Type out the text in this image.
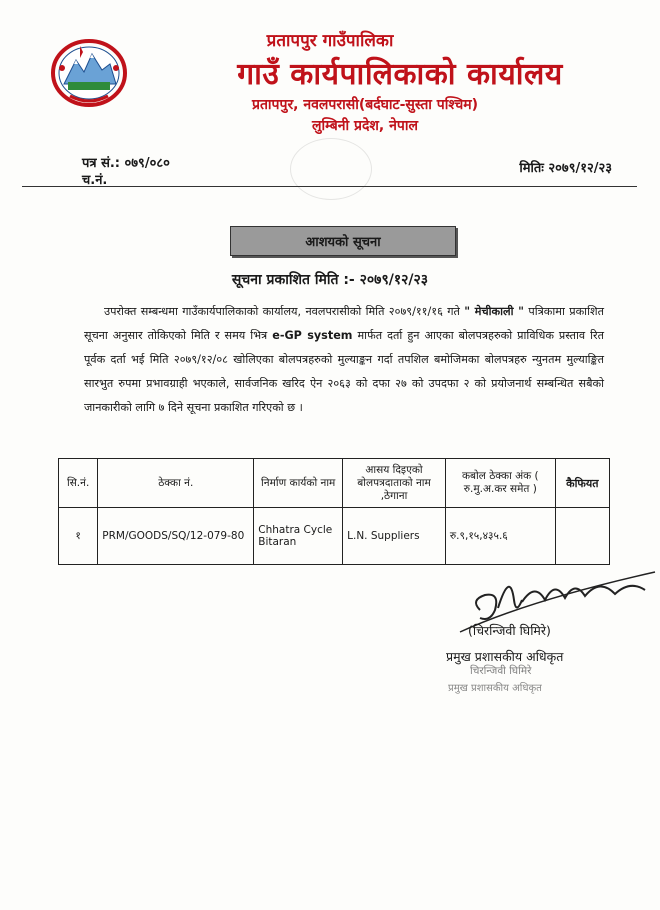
प्रतापपुर गाउँपालिका
गाउँ कार्यपालिकाको कार्यालय
प्रतापपुर, नवलपरासी(बर्दघाट-सुस्ता पश्चिम)
लुम्बिनी प्रदेश, नेपाल
पत्र सं.: ०७९/०८०
च.नं.
मितिः २०७९/१२/२३
आशयको सूचना
सूचना प्रकाशित मिति :- २०७९/१२/२३
उपरोक्त सम्बन्धमा गाउँकार्यपालिकाको कार्यालय, नवलपरासीको मिति २०७९/११/१६ गते " मेचीकाली " पत्रिकामा प्रकाशित सूचना अनुसार तोकिएको मिति र समय भित्र e-GP system मार्फत दर्ता हुन आएका बोलपत्रहरुको प्राविधिक प्रस्ताव रित पूर्वक दर्ता भई मिति २०७९/१२/०८ खोलिएका बोलपत्रहरुको मुल्याङ्कन गर्दा तपशिल बमोजिमका बोलपत्रहरु न्युनतम मुल्याङ्कित सारभुत रुपमा प्रभावग्राही भएकाले, सार्वजनिक खरिद ऐन २०६३ को दफा २७ को उपदफा २ को प्रयोजनार्थ सम्बन्धित सबैको जानकारीको लागि ७ दिने सूचना प्रकाशित गरिएको छ ।
सि.नं.	ठेक्का नं.	निर्माण कार्यको नाम	आसय दिइएको बोलपत्रदाताको नाम ,ठेगाना	कबोल ठेक्का अंक ( रु.मु.अ.कर समेत )	कैफियत
१	PRM/GOODS/SQ/12-079-80	Chhatra Cycle Bitaran	L.N. Suppliers	रु.९,१५,४३५.६	
(चिरन्जिवी घिमिरे)
प्रमुख प्रशासकीय अधिकृत
चिरन्जिवी घिमिरे
प्रमुख प्रशासकीय अधिकृत
